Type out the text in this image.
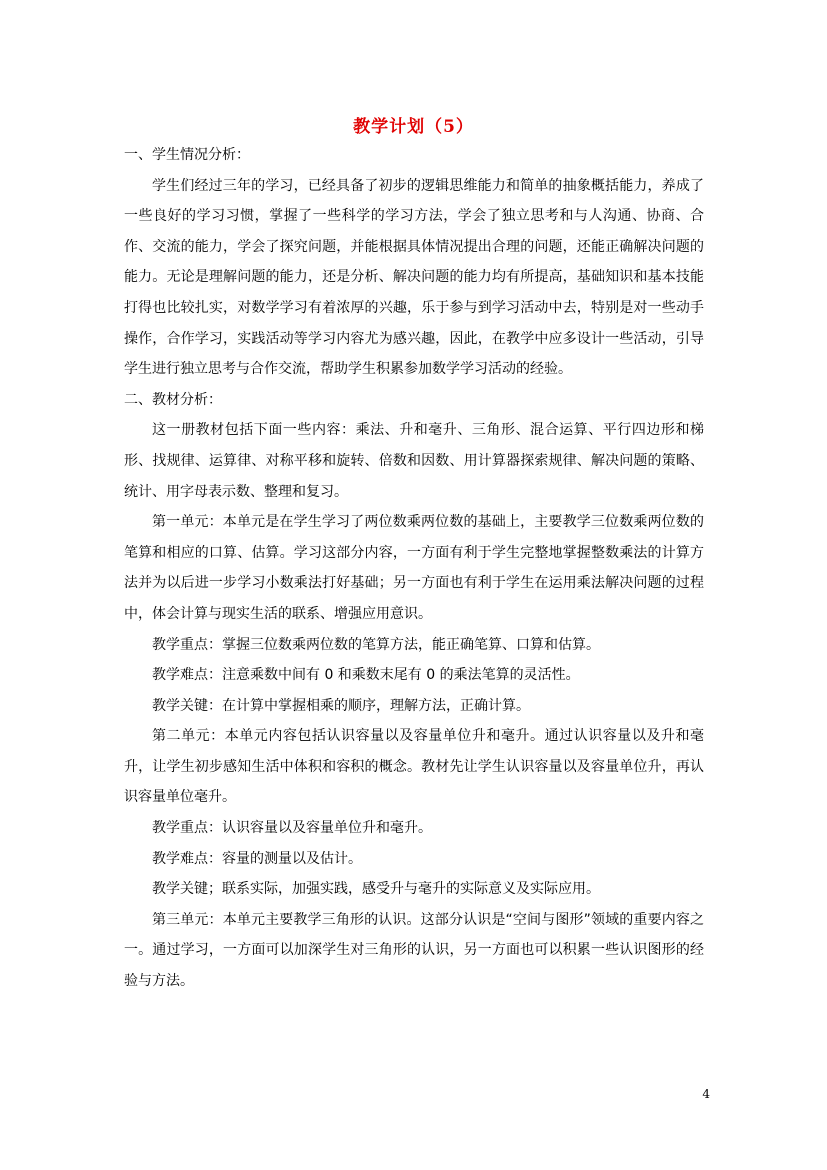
教学计划（5）

一、学生情况分析：

学生们经过三年的学习，已经具备了初步的逻辑思维能力和简单的抽象概括能力，养成了一些良好的学习习惯，掌握了一些科学的学习方法，学会了独立思考和与人沟通、协商、合作、交流的能力，学会了探究问题，并能根据具体情况提出合理的问题，还能正确解决问题的能力。无论是理解问题的能力，还是分析、解决问题的能力均有所提高，基础知识和基本技能打得也比较扎实，对数学学习有着浓厚的兴趣，乐于参与到学习活动中去，特别是对一些动手操作，合作学习，实践活动等学习内容尤为感兴趣，因此，在教学中应多设计一些活动，引导学生进行独立思考与合作交流，帮助学生积累参加数学学习活动的经验。

二、教材分析：

这一册教材包括下面一些内容：乘法、升和毫升、三角形、混合运算、平行四边形和梯形、找规律、运算律、对称平移和旋转、倍数和因数、用计算器探索规律、解决问题的策略、统计、用字母表示数、整理和复习。

第一单元：本单元是在学生学习了两位数乘两位数的基础上，主要教学三位数乘两位数的笔算和相应的口算、估算。学习这部分内容，一方面有利于学生完整地掌握整数乘法的计算方法并为以后进一步学习小数乘法打好基础；另一方面也有利于学生在运用乘法解决问题的过程中，体会计算与现实生活的联系、增强应用意识。

教学重点：掌握三位数乘两位数的笔算方法，能正确笔算、口算和估算。

教学难点：注意乘数中间有 0 和乘数末尾有 0 的乘法笔算的灵活性。

教学关键：在计算中掌握相乘的顺序，理解方法，正确计算。

第二单元：本单元内容包括认识容量以及容量单位升和毫升。通过认识容量以及升和毫升，让学生初步感知生活中体积和容积的概念。教材先让学生认识容量以及容量单位升，再认识容量单位毫升。

教学重点：认识容量以及容量单位升和毫升。

教学难点：容量的测量以及估计。

教学关键；联系实际，加强实践，感受升与毫升的实际意义及实际应用。

第三单元：本单元主要教学三角形的认识。这部分认识是“空间与图形”领域的重要内容之一。通过学习，一方面可以加深学生对三角形的认识，另一方面也可以积累一些认识图形的经验与方法。

4
